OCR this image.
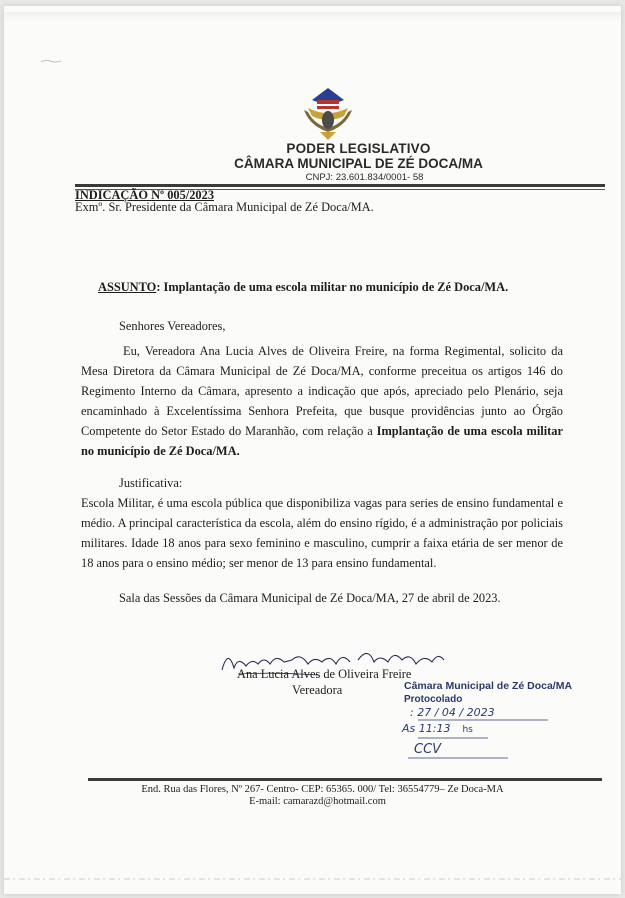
PODER LEGISLATIVO
CÂMARA MUNICIPAL DE ZÉ DOCA/MA
CNPJ: 23.601.834/0001- 58
INDICAÇÃO Nº 005/2023
Exmº. Sr. Presidente da Câmara Municipal de Zé Doca/MA.
ASSUNTO: Implantação de uma escola militar no município de Zé Doca/MA.
Senhores Vereadores,
Eu, Vereadora Ana Lucia Alves de Oliveira Freire, na forma Regimental, solicito da Mesa Diretora da Câmara Municipal de Zé Doca/MA, conforme preceitua os artigos 146 do Regimento Interno da Câmara, apresento a indicação que após, apreciado pelo Plenário, seja encaminhado à Excelentíssima Senhora Prefeita, que busque providências junto ao Órgão Competente do Setor Estado do Maranhão, com relação a Implantação de uma escola militar no município de Zé Doca/MA.
Justificativa:
Escola Militar, é uma escola pública que disponibiliza vagas para series de ensino fundamental e médio. A principal característica da escola, além do ensino rígido, é a administração por policiais militares. Idade 18 anos para sexo feminino e masculino, cumprir a faixa etária de ser menor de 18 anos para o ensino médio; ser menor de 13 para ensino fundamental.
Sala das Sessões da Câmara Municipal de Zé Doca/MA, 27 de abril de 2023.
Ana Lucia Alves de Oliveira Freire
Vereadora	Câmara Municipal de Zé Doca/MA
Protocolado
: 27 / 04 / 2023
As 11:13 hs
CCV
End. Rua das Flores, Nº 267- Centro- CEP: 65365. 000/ Tel: 36554779– Ze Doca-MA
E-mail: camarazd@hotmail.com
